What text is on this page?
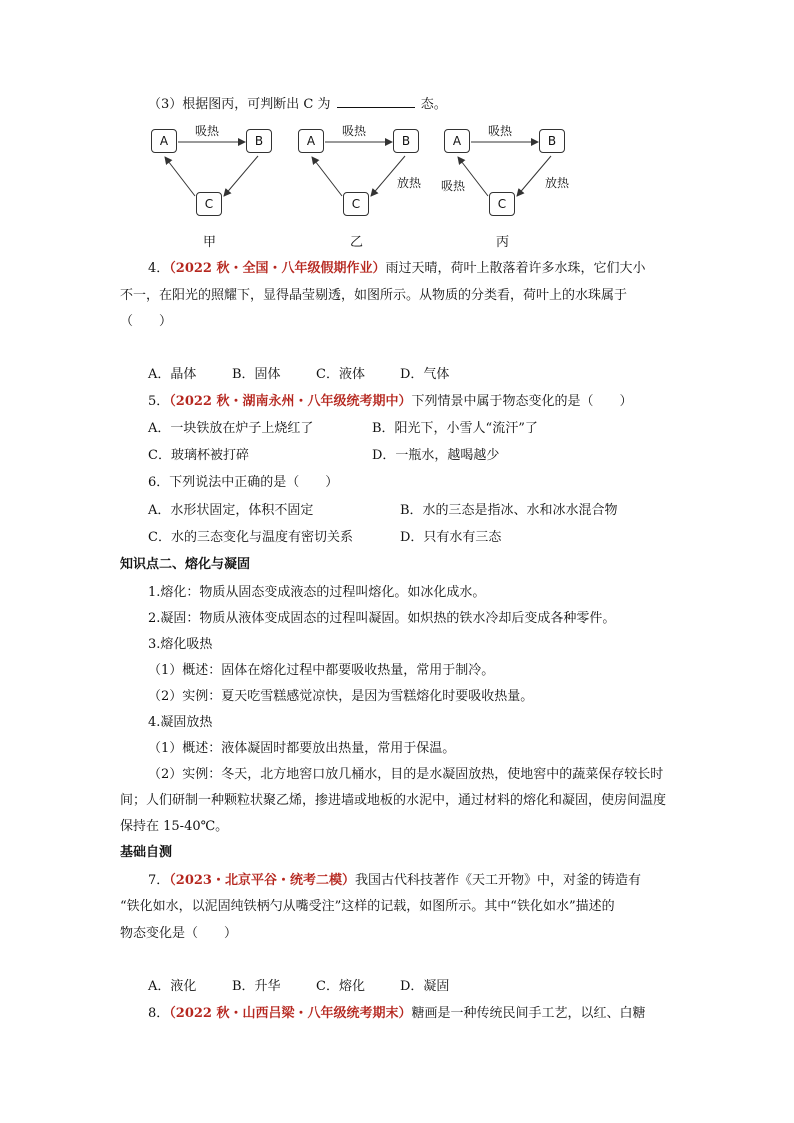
（3）根据图丙，可判断出 C 为	态。
A	B
C
吸热
甲
A	B
C
吸热
放热
乙
A	B
C
吸热
放热
吸热
丙
4．（2022 秋・全国・八年级假期作业）雨过天晴，荷叶上散落着许多水珠，它们大小
不一，在阳光的照耀下，显得晶莹剔透，如图所示。从物质的分类看，荷叶上的水珠属于
（　　）
A．晶体	B．固体	C．液体	D．气体
5．（2022 秋・湖南永州・八年级统考期中）下列情景中属于物态变化的是（　　）
A．一块铁放在炉子上烧红了	B．阳光下，小雪人“流汗”了
C．玻璃杯被打碎	D．一瓶水，越喝越少
6．下列说法中正确的是（　　）
A．水形状固定，体积不固定	B．水的三态是指冰、水和冰水混合物
C．水的三态变化与温度有密切关系	D．只有水有三态
知识点二、熔化与凝固
1.熔化：物质从固态变成液态的过程叫熔化。如冰化成水。
2.凝固：物质从液体变成固态的过程叫凝固。如炽热的铁水冷却后变成各种零件。
3.熔化吸热
（1）概述：固体在熔化过程中都要吸收热量，常用于制冷。
（2）实例：夏天吃雪糕感觉凉快，是因为雪糕熔化时要吸收热量。
4.凝固放热
（1）概述：液体凝固时都要放出热量，常用于保温。
（2）实例：冬天，北方地窖口放几桶水，目的是水凝固放热，使地窖中的蔬菜保存较长时
间；人们研制一种颗粒状聚乙烯，掺进墙或地板的水泥中，通过材料的熔化和凝固，使房间温度
保持在 15-40℃。
基础自测
7．（2023・北京平谷・统考二模）我国古代科技著作《天工开物》中，对釜的铸造有
“铁化如水，以泥固纯铁柄勺从嘴受注”这样的记载，如图所示。其中“铁化如水”描述的
物态变化是（　　）
A．液化	B．升华	C．熔化	D．凝固
8．（2022 秋・山西吕梁・八年级统考期末）糖画是一种传统民间手工艺，以红、白糖
